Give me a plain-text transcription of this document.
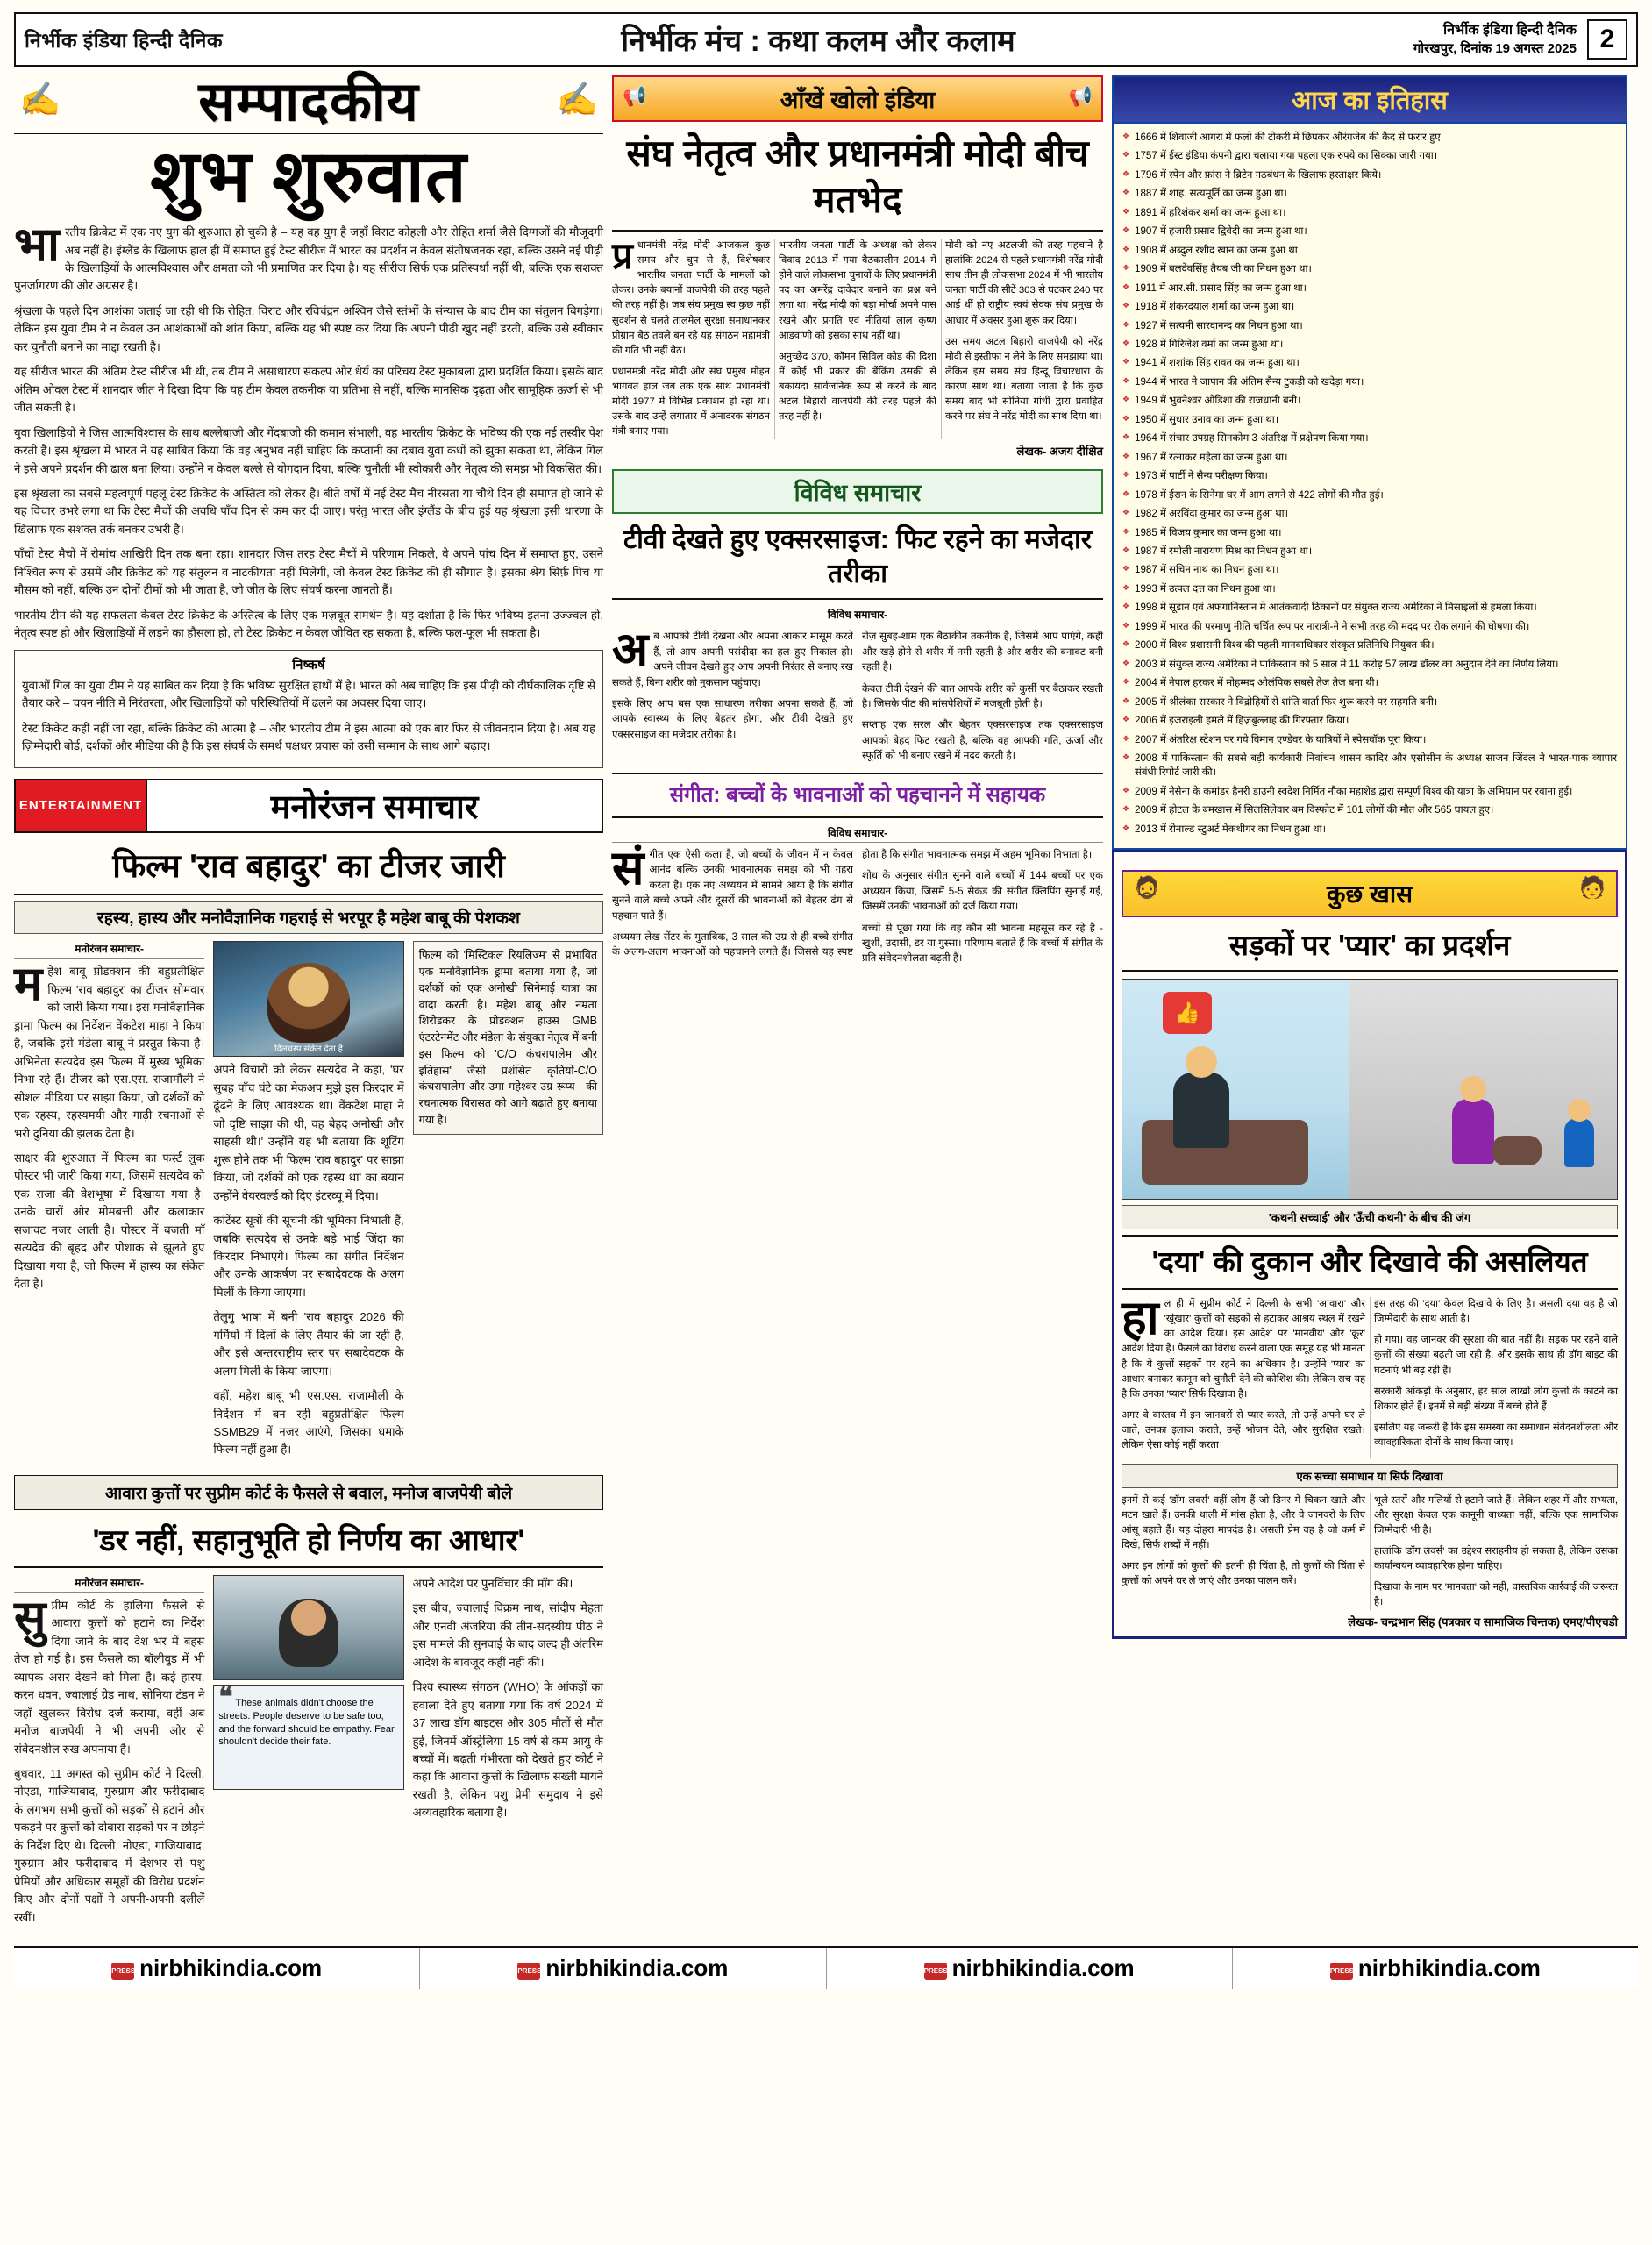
निर्भीक इंडिया हिन्दी दैनिक	निर्भीक मंच : कथा कलम और कलाम	निर्भीक इंडिया हिन्दी दैनिक
गोरखपुर, दिनांक 19 अगस्त 2025 2
✍	✍
सम्पादकीय
शुभ शुरुवात

भारतीय क्रिकेट में एक नए युग की शुरुआत हो चुकी है – यह वह युग है जहाँ विराट कोहली और रोहित शर्मा जैसे दिग्गजों की मौजूदगी अब नहीं है। इंग्लैंड के खिलाफ हाल ही में समाप्त हुई टेस्ट सीरीज में भारत का प्रदर्शन न केवल संतोषजनक रहा, बल्कि उसने नई पीढ़ी के खिलाड़ियों के आत्मविश्वास और क्षमता को भी प्रमाणित कर दिया है। यह सीरीज सिर्फ एक प्रतिस्पर्धा नहीं थी, बल्कि एक सशक्त पुनर्जागरण की ओर अग्रसर है।

श्रृंखला के पहले दिन आशंका जताई जा रही थी कि रोहित, विराट और रविचंद्रन अश्विन जैसे स्तंभों के संन्यास के बाद टीम का संतुलन बिगड़ेगा। लेकिन इस युवा टीम ने न केवल उन आशंकाओं को शांत किया, बल्कि यह भी स्पष्ट कर दिया कि अपनी पीढ़ी खुद नहीं डरती, बल्कि उसे स्वीकार कर चुनौती बनाने का माद्दा रखती है।

यह सीरीज भारत की अंतिम टेस्ट सीरीज भी थी, तब टीम ने असाधारण संकल्प और धैर्य का परिचय टेस्ट मुकाबला द्वारा प्रदर्शित किया। इसके बाद अंतिम ओवल टेस्ट में शानदार जीत ने दिखा दिया कि यह टीम केवल तकनीक या प्रतिभा से नहीं, बल्कि मानसिक दृढ़ता और सामूहिक ऊर्जा से भी जीत सकती है।

युवा खिलाड़ियों ने जिस आत्मविश्वास के साथ बल्लेबाजी और गेंदबाजी की कमान संभाली, वह भारतीय क्रिकेट के भविष्य की एक नई तस्वीर पेश करती है। इस श्रृंखला में भारत ने यह साबित किया कि वह अनुभव नहीं चाहिए कि कप्तानी का दबाव युवा कंधों को झुका सकता था, लेकिन गिल ने इसे अपने प्रदर्शन की ढाल बना लिया। उन्होंने न केवल बल्ले से योगदान दिया, बल्कि चुनौती भी स्वीकारी और नेतृत्व की समझ भी विकसित की।

इस श्रृंखला का सबसे महत्वपूर्ण पहलू टेस्ट क्रिकेट के अस्तित्व को लेकर है। बीते वर्षों में नई टेस्ट मैच नीरसता या चौथे दिन ही समाप्त हो जाने से यह विचार उभरे लगा था कि टेस्ट मैचों की अवधि पाँच दिन से कम कर दी जाए। परंतु भारत और इंग्लैंड के बीच हुई यह श्रृंखला इसी धारणा के खिलाफ एक सशक्त तर्क बनकर उभरी है।

पाँचों टेस्ट मैचों में रोमांच आखिरी दिन तक बना रहा। शानदार जिस तरह टेस्ट मैचों में परिणाम निकले, वे अपने पांच दिन में समाप्त हुए, उसने निश्चित रूप से उसमें और क्रिकेट को यह संतुलन व नाटकीयता नहीं मिलेगी, जो केवल टेस्ट क्रिकेट की ही सौगात है। इसका श्रेय सिर्फ़ पिच या मौसम को नहीं, बल्कि उन दोनों टीमों को भी जाता है, जो जीत के लिए संघर्ष करना जानती हैं।

भारतीय टीम की यह सफलता केवल टेस्ट क्रिकेट के अस्तित्व के लिए एक मज़बूत समर्थन है। यह दर्शाता है कि फिर भविष्य इतना उज्ज्वल हो, नेतृत्व स्पष्ट हो और खिलाड़ियों में लड़ने का हौसला हो, तो टेस्ट क्रिकेट न केवल जीवित रह सकता है, बल्कि फल-फूल भी सकता है।

निष्कर्ष

युवाओं गिल का युवा टीम ने यह साबित कर दिया है कि भविष्य सुरक्षित हाथों में है। भारत को अब चाहिए कि इस पीढ़ी को दीर्घकालिक दृष्टि से तैयार करे – चयन नीति में निरंतरता, और खिलाड़ियों को परिस्थितियों में ढलने का अवसर दिया जाए।

टेस्ट क्रिकेट कहीं नहीं जा रहा, बल्कि क्रिकेट की आत्मा है – और भारतीय टीम ने इस आत्मा को एक बार फिर से जीवनदान दिया है। अब यह ज़िम्मेदारी बोर्ड, दर्शकों और मीडिया की है कि इस संघर्ष के समर्थ पक्षधर प्रयास को उसी सम्मान के साथ आगे बढ़ाए।

ENTERTAINMENT	मनोरंजन समाचार
फिल्म 'राव बहादुर' का टीजर जारी
रहस्य, हास्य और मनोवैज्ञानिक गहराई से भरपूर है महेश बाबू की पेशकश
मनोरंजन समाचार-

महेश बाबू प्रोडक्शन की बहुप्रतीक्षित फिल्म 'राव बहादुर' का टीजर सोमवार को जारी किया गया। इस मनोवैज्ञानिक ड्रामा फिल्म का निर्देशन वेंकटेश माहा ने किया है, जबकि इसे मंडेला बाबू ने प्रस्तुत किया है। अभिनेता सत्यदेव इस फिल्म में मुख्य भूमिका निभा रहे हैं। टीजर को एस.एस. राजामौली ने सोशल मीडिया पर साझा किया, जो दर्शकों को एक रहस्य, रहस्यमयी और गाढ़ी रचनाओं से भरी दुनिया की झलक देता है।

साक्षर की शुरुआत में फिल्म का फर्स्ट लुक पोस्टर भी जारी किया गया, जिसमें सत्यदेव को एक राजा की वेशभूषा में दिखाया गया है। उनके चारों ओर मोमबत्ती और कलाकार सजावट नजर आती है। पोस्टर में बजती माँ सत्यदेव की बृहद और पोशाक से झूलते हुए दिखाया गया है, जो फिल्म में हास्य का संकेत देता है।

दिलचस्प संकेत देता है

अपने विचारों को लेकर सत्यदेव ने कहा, 'घर सुबह पाँच घंटे का मेकअप मुझे इस किरदार में ढूंढने के लिए आवश्यक था। वेंकटेश माहा ने जो दृष्टि साझा की थी, वह बेहद अनोखी और साहसी थी।' उन्होंने यह भी बताया कि शूटिंग शुरू होने तक भी फिल्म 'राव बहादुर' पर साझा किया, जो दर्शकों को एक रहस्य था' का बयान उन्होंने वेयरवर्ल्ड को दिए इंटरव्यू में दिया।

कांटेंस्ट सूत्रों की सूचनी की भूमिका निभाती हैं, जबकि सत्यदेव से उनके बड़े भाई जिंदा का किरदार निभाएंगे। फिल्म का संगीत निर्देशन और उनके आकर्षण पर सबादेवटक के अलग मिलीं के किया जाएगा।

तेलुगु भाषा में बनी 'राव बहादुर 2026 की गर्मियों में दिलों के लिए तैयार की जा रही है, और इसे अन्तरराष्ट्रीय स्तर पर सबादेवटक के अलग मिलीं के किया जाएगा।

वहीं, महेश बाबू भी एस.एस. राजामौली के निर्देशन में बन रही बहुप्रतीक्षित फिल्म SSMB29 में नजर आएंगे, जिसका धमाके फिल्म नहीं हुआ है।

फिल्म को 'मिस्टिकल रियलिज्म' से प्रभावित एक मनोवैज्ञानिक ड्रामा बताया गया है, जो दर्शकों को एक अनोखी सिनेमाई यात्रा का वादा करती है। महेश बाबू और नम्रता शिरोडकर के प्रोडक्शन हाउस GMB एंटरटेनमेंट और मंडेला के संयुक्त नेतृत्व में बनी इस फिल्म को 'C/O कंचरापालेम और इतिहास' जैसी प्रशंसित कृतियों-C/O कंचरापालेम और उमा महेश्वर उग्र रूप्य—की रचनात्मक विरासत को आगे बढ़ाते हुए बनाया गया है।
आवारा कुत्तों पर सुप्रीम कोर्ट के फैसले से बवाल, मनोज बाजपेयी बोले
'डर नहीं, सहानुभूति हो निर्णय का आधार'
मनोरंजन समाचार-

सुप्रीम कोर्ट के हालिया फैसले से आवारा कुत्तों को हटाने का निर्देश दिया जाने के बाद देश भर में बहस तेज हो गई है। इस फैसले का बॉलीवुड में भी व्यापक असर देखने को मिला है। कई हास्य, करन धवन, ज्वालाई ग्रेड नाथ, सोनिया टंडन ने जहाँ खुलकर विरोध दर्ज कराया, वहीं अब मनोज बाजपेयी ने भी अपनी ओर से संवेदनशील रुख अपनाया है।

बुधवार, 11 अगस्त को सुप्रीम कोर्ट ने दिल्ली, नोएडा, गाजियाबाद, गुरुग्राम और फरीदाबाद के लगभग सभी कुत्तों को सड़कों से हटाने और पकड़ने पर कुत्तों को दोबारा सड़कों पर न छोड़ने के निर्देश दिए थे। दिल्ली, नोएडा, गाजियाबाद, गुरुग्राम और फरीदाबाद में देशभर से पशु प्रेमियों और अधिकार समूहों की विरोध प्रदर्शन किए और दोनों पक्षों ने अपनी-अपनी दलीलें रखीं।

❝ These animals didn't choose the streets. People deserve to be safe too, and the forward should be empathy. Fear shouldn't decide their fate.

अपने आदेश पर पुनर्विचार की माँग की।

इस बीच, ज्वालाई विक्रम नाथ, सांदीप मेहता और एनवी अंजरिया की तीन-सदस्यीय पीठ ने इस मामले की सुनवाई के बाद जल्द ही अंतरिम आदेश के बावजूद कहीं नहीं की।

विश्व स्वास्थ्य संगठन (WHO) के आंकड़ों का हवाला देते हुए बताया गया कि वर्ष 2024 में 37 लाख डॉग बाइट्स और 305 मौतों से मौत हुई, जिनमें ऑस्ट्रेलिया 15 वर्ष से कम आयु के बच्चों में। बढ़ती गंभीरता को देखते हुए कोर्ट ने कहा कि आवारा कुत्तों के खिलाफ सख्ती मायने रखती है, लेकिन पशु प्रेमी समुदाय ने इसे अव्यवहारिक बताया है।

📢	आँखें खोलो इंडिया	📢
संघ नेतृत्व और प्रधानमंत्री मोदी बीच मतभेद

प्रधानमंत्री नरेंद्र मोदी आजकल कुछ समय और चुप से हैं, विशेषकर भारतीय जनता पार्टी के मामलों को लेकर। उनके बयानों वाजपेयी की तरह पहले की तरह नहीं है। जब संघ प्रमुख स्व कुछ नहीं सुदर्शन से चलते तालमेल सुरक्षा समाधानकर प्रोग्राम बैठ तवले बन रहे यह संगठन महामंत्री की गति भी नहीं बैठ।

प्रधानमंत्री नरेंद्र मोदी और संघ प्रमुख मोहन भागवत हाल जब तक एक साथ प्रधानमंत्री मोदी 1977 में विभिन्न प्रकाशन हो रहा था। उसके बाद उन्हें लगातार में अनादरक संगठन मंत्री बनाए गया।

भारतीय जनता पार्टी के अध्यक्ष को लेकर विवाद 2013 में गया बैठकालीन 2014 में होने वाले लोकसभा चुनावों के लिए प्रधानमंत्री पद का अमरेंद्र दावेदार बनाने का प्रश्न बने लगा था। नरेंद्र मोदी को बड़ा मोर्चा अपने पास रखने और प्रगति एवं नीतियां लाल कृष्ण आडवाणी को इसका साथ नहीं था।

अनुच्छेद 370, कॉमन सिविल कोड की दिशा में कोई भी प्रकार की बैंकिंग उसकी से बकायदा सार्वजनिक रूप से करने के बाद अटल बिहारी वाजपेयी की तरह पहले की तरह नहीं है।

मोदी को नए अटलजी की तरह पहचाने है हालांकि 2024 से पहले प्रधानमंत्री नरेंद्र मोदी साथ तीन ही लोकसभा 2024 में भी भारतीय जनता पार्टी की सीटें 303 से घटकर 240 पर आई थीं हो राष्ट्रीय स्वयं सेवक संघ प्रमुख के आधार में अवसर हुआ शुरू कर दिया।

उस समय अटल बिहारी वाजपेयी को नरेंद्र मोदी से इस्तीफा न लेने के लिए समझाया था। लेकिन इस समय संघ हिन्दू विचारधारा के कारण साथ था। बताया जाता है कि कुछ समय बाद भी सोनिया गांधी द्वारा प्रवाहित करने पर संघ ने नरेंद्र मोदी का साथ दिया था।

लेखक- अजय दीक्षित
विविध समाचार
टीवी देखते हुए एक्सरसाइज: फिट रहने का मजेदार तरीका
विविध समाचार-

अब आपको टीवी देखना और अपना आकार मासूम करते हैं, तो आप अपनी पसंदीदा का हल हुए निकाल हो। अपने जीवन देखते हुए आप अपनी निरंतर से बनाए रख सकते हैं, बिना शरीर को नुकसान पहुंचाए।

इसके लिए आप बस एक साधारण तरीका अपना सकते हैं, जो आपके स्वास्थ्य के लिए बेहतर होगा, और टीवी देखते हुए एक्सरसाइज का मजेदार तरीका है।

रोज़ सुबह-शाम एक बैठाकीन तकनीक है, जिसमें आप पाएंगे, कहीं और खड़े होने से शरीर में नमी रहती है और शरीर की बनावट बनी रहती है।

केवल टीवी देखने की बात आपके शरीर को कुर्सी पर बैठाकर रखती है। जिसके पीठ की मांसपेशियों में मजबूती होती है।

सप्ताह एक सरल और बेहतर एक्सरसाइज तक एक्सरसाइज आपको बेहद फिट रखती है, बल्कि वह आपकी गति, ऊर्जा और स्फूर्ति को भी बनाए रखने में मदद करती है।

संगीत: बच्चों के भावनाओं को पहचानने में सहायक
विविध समाचार-

संगीत एक ऐसी कला है, जो बच्चों के जीवन में न केवल आनंद बल्कि उनकी भावनात्मक समझ को भी गहरा करता है। एक नए अध्ययन में सामने आया है कि संगीत सुनने वाले बच्चे अपने और दूसरों की भावनाओं को बेहतर ढंग से पहचान पाते हैं।

अध्ययन लेख सेंटर के मुताबिक, 3 साल की उम्र से ही बच्चे संगीत के अलग-अलग भावनाओं को पहचानने लगते हैं। जिससे यह स्पष्ट होता है कि संगीत भावनात्मक समझ में अहम भूमिका निभाता है।

शोध के अनुसार संगीत सुनने वाले बच्चों में 144 बच्चों पर एक अध्ययन किया, जिसमें 5-5 सेकंड की संगीत क्लिपिंग सुनाई गईं, जिसमें उनकी भावनाओं को दर्ज किया गया।

बच्चों से पूछा गया कि वह कौन सी भावना महसूस कर रहे हैं - खुशी, उदासी, डर या गुस्सा। परिणाम बताते हैं कि बच्चों में संगीत के प्रति संवेदनशीलता बढ़ती है।

आज का इतिहास
❖ 1666 में शिवाजी आगरा में फलों की टोकरी में छिपकर औरंगजेब की कैद से फरार हुए
❖ 1757 में ईस्ट इंडिया कंपनी द्वारा चलाया गया पहला एक रुपये का सिक्का जारी गया।
❖ 1796 में स्पेन और फ्रांस ने ब्रिटेन गठबंधन के खिलाफ हस्ताक्षर किये।
❖ 1887 में शाह. सत्यमूर्ति का जन्म हुआ था।
❖ 1891 में हरिशंकर शर्मा का जन्म हुआ था।
❖ 1907 में हजारी प्रसाद द्विवेदी का जन्म हुआ था।
❖ 1908 में अब्दुल रशीद खान का जन्म हुआ था।
❖ 1909 में बलदेवसिंह तैयब जी का निधन हुआ था।
❖ 1911 में आर.सी. प्रसाद सिंह का जन्म हुआ था।
❖ 1918 में शंकरदयाल शर्मा का जन्म हुआ था।
❖ 1927 में सत्यमी सारदानन्द का निधन हुआ था।
❖ 1928 में गिरिजेश वर्मा का जन्म हुआ था।
❖ 1941 में शशांक सिंह रावत का जन्म हुआ था।
❖ 1944 में भारत ने जापान की अंतिम सैन्य टुकड़ी को खदेड़ा गया।
❖ 1949 में भुवनेश्वर ओडिशा की राजधानी बनी।
❖ 1950 में सुधार उनाव का जन्म हुआ था।
❖ 1964 में संचार उपग्रह सिनकोम 3 अंतरिक्ष में प्रक्षेपण किया गया।
❖ 1967 में रत्नाकर महेला का जन्म हुआ था।
❖ 1973 में पार्टी ने सैन्य परीक्षण किया।
❖ 1978 में ईरान के सिनेमा घर में आग लगने से 422 लोगों की मौत हुई।
❖ 1982 में अरविंदा कुमार का जन्म हुआ था।
❖ 1985 में विजय कुमार का जन्म हुआ था।
❖ 1987 में रमोली नारायण मिश्र का निधन हुआ था।
❖ 1987 में सचिन नाथ का निधन हुआ था।
❖ 1993 में उत्पल दत्त का निधन हुआ था।
❖ 1998 में सूडान एवं अफगानिस्तान में आतंकवादी ठिकानों पर संयुक्त राज्य अमेरिका ने मिसाइलों से हमला किया।
❖ 1999 में भारत की परमाणु नीति चर्चित रूप पर नारात्री-ने ने सभी तरह की मदद पर रोक लगाने की घोषणा की।
❖ 2000 में विश्व प्रशासनी विश्व की पहली मानवाधिकार संस्कृत प्रतिनिधि नियुक्त की।
❖ 2003 में संयुक्त राज्य अमेरिका ने पाकिस्तान को 5 साल में 11 करोड़ 57 लाख डॉलर का अनुदान देने का निर्णय लिया।
❖ 2004 में नेपाल हरकर में मोहम्मद ओलंपिक सबसे तेज तेज बना थी।
❖ 2005 में श्रीलंका सरकार ने विद्रोहियों से शांति वार्ता फिर शुरू करने पर सहमति बनी।
❖ 2006 में इजराइली हमले में हिज़बुल्लाह की गिरफ्तार किया।
❖ 2007 में अंतरिक्ष स्टेशन पर गये विमान एण्डेवर के यात्रियों ने स्पेसवॉक पूरा किया।
❖ 2008 में पाकिस्तान की सबसे बड़ी कार्यकारी निर्वाचन शासन कादिर और एसोसीन के अध्यक्ष साजन जिंदल ने भारत-पाक व्यापार संबंधी रिपोर्ट जारी की।
❖ 2009 में नेसेना के कमांडर हैनरी डाउनी स्वदेश निर्मित नौका महाशेड द्वारा सम्पूर्ण विश्व की यात्रा के अभियान पर रवाना हुई।
❖ 2009 में होटल के बमखास में सिलसिलेवार बम विस्फोट में 101 लोगों की मौत और 565 घायल हुए।
❖ 2013 में रोनाल्ड स्टुअर्ट मेकथीगर का निधन हुआ था।
🧔	कुछ खास	🧑
सड़कों पर 'प्यार' का प्रदर्शन
👍
'कथनी सच्चाई' और 'ऊँची कथनी' के बीच की जंग
'दया' की दुकान और दिखावे की असलियत

हाल ही में सुप्रीम कोर्ट ने दिल्ली के सभी 'आवारा' और 'खूंखार' कुत्तों को सड़कों से हटाकर आश्रय स्थल में रखने का आदेश दिया। इस आदेश पर 'मानवीय' और 'क्रूर' आदेश दिया है। फैसले का विरोध करने वाला एक समूह यह भी मानता है कि ये कुत्तों सड़कों पर रहने का अधिकार है। उन्होंने 'प्यार' का आधार बनाकर कानून को चुनौती देने की कोशिश की। लेकिन सच यह है कि उनका 'प्यार' सिर्फ दिखावा है।

अगर वे वास्तव में इन जानवरों से प्यार करते, तो उन्हें अपने घर ले जाते, उनका इलाज कराते, उन्हें भोजन देते, और सुरक्षित रखते। लेकिन ऐसा कोई नहीं करता।

इस तरह की 'दया' केवल दिखावे के लिए है। असली दया वह है जो जिम्मेदारी के साथ आती है।

हो गया। वह जानवर की सुरक्षा की बात नहीं है। सड़क पर रहने वाले कुत्तों की संख्या बढ़ती जा रही है, और इसके साथ ही डॉग बाइट की घटनाएं भी बढ़ रही हैं।

सरकारी आंकड़ों के अनुसार, हर साल लाखों लोग कुत्तों के काटने का शिकार होते हैं। इनमें से बड़ी संख्या में बच्चे होते हैं।

इसलिए यह जरूरी है कि इस समस्या का समाधान संवेदनशीलता और व्यावहारिकता दोनों के साथ किया जाए।

एक सच्चा समाधान या सिर्फ दिखावा

इनमें से कई 'डॉग लवर्स' वहीं लोग हैं जो डिनर में चिकन खाते और मटन खाते हैं। उनकी थाली में मांस होता है, और वे जानवरों के लिए आंसू बहाते हैं। यह दोहरा मापदंड है। असली प्रेम वह है जो कर्म में दिखे, सिर्फ शब्दों में नहीं।

अगर इन लोगों को कुत्तों की इतनी ही चिंता है, तो कुत्तों की चिंता से कुत्तों को अपने घर ले जाएं और उनका पालन करें।

भूले स्तरों और गलियों से हटाने जाते हैं। लेकिन शहर में और सभ्यता, और सुरक्षा केवल एक कानूनी बाध्यता नहीं, बल्कि एक सामाजिक जिम्मेदारी भी है।

हालांकि 'डॉग लवर्स' का उद्देश्य सराहनीय हो सकता है, लेकिन उसका कार्यान्वयन व्यावहारिक होना चाहिए।

दिखावा के नाम पर 'मानवता' को नहीं, वास्तविक कार्रवाई की जरूरत है।

लेखक- चन्द्रभान सिंह (पत्रकार व सामाजिक चिन्तक) एमए/पीएचडी
PRESS nirbhikindia.com	PRESS nirbhikindia.com	PRESS nirbhikindia.com	PRESS nirbhikindia.com
